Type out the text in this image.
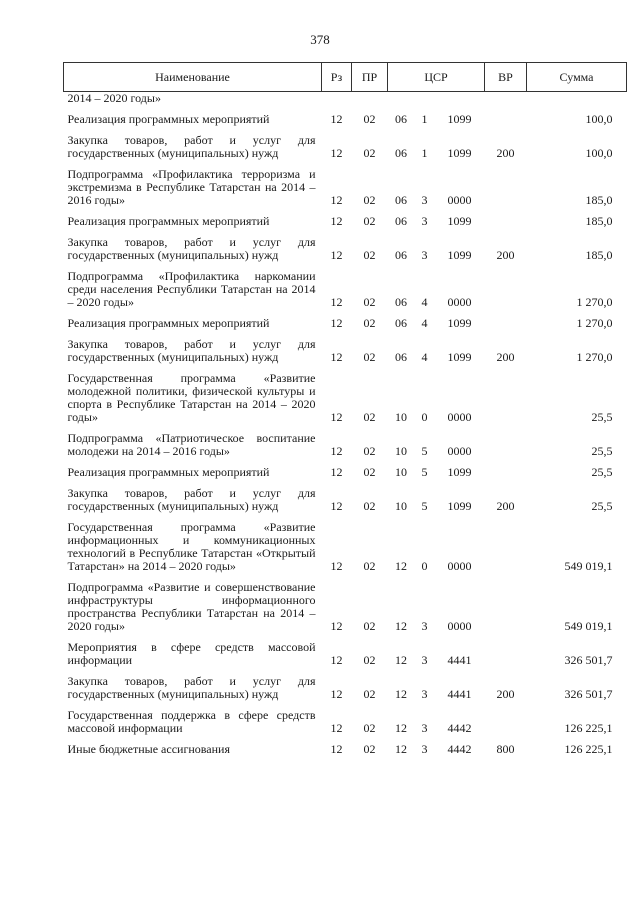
378
Наименование	Рз	ПР	ЦСР			ВР	Сумма
2014 – 2020 годы»							
Реализация программных мероприятий	12	02	06	1	1099		100,0
Закупка товаров, работ и услуг для государственных (муниципальных) нужд	12	02	06	1	1099	200	100,0
Подпрограмма «Профилактика терроризма и экстремизма в Республике Татарстан на 2014 – 2016 годы»	12	02	06	3	0000		185,0
Реализация программных мероприятий	12	02	06	3	1099		185,0
Закупка товаров, работ и услуг для государственных (муниципальных) нужд	12	02	06	3	1099	200	185,0
Подпрограмма «Профилактика наркомании среди населения Республики Татарстан на 2014 – 2020 годы»	12	02	06	4	0000		1 270,0
Реализация программных мероприятий	12	02	06	4	1099		1 270,0
Закупка товаров, работ и услуг для государственных (муниципальных) нужд	12	02	06	4	1099	200	1 270,0
Государственная программа «Развитие молодежной политики, физической культуры и спорта в Республике Татарстан на 2014 – 2020 годы»	12	02	10	0	0000		25,5
Подпрограмма «Патриотическое воспитание молодежи на 2014 – 2016 годы»	12	02	10	5	0000		25,5
Реализация программных мероприятий	12	02	10	5	1099		25,5
Закупка товаров, работ и услуг для государственных (муниципальных) нужд	12	02	10	5	1099	200	25,5
Государственная программа «Развитие информационных и коммуникационных технологий в Республике Татарстан «Открытый Татарстан» на 2014 – 2020 годы»	12	02	12	0	0000		549 019,1
Подпрограмма «Развитие и совершенствование инфраструктуры информационного пространства Республики Татарстан на 2014 – 2020 годы»	12	02	12	3	0000		549 019,1
Мероприятия в сфере средств массовой информации	12	02	12	3	4441		326 501,7
Закупка товаров, работ и услуг для государственных (муниципальных) нужд	12	02	12	3	4441	200	326 501,7
Государственная поддержка в сфере средств массовой информации	12	02	12	3	4442		126 225,1
Иные бюджетные ассигнования	12	02	12	3	4442	800	126 225,1
